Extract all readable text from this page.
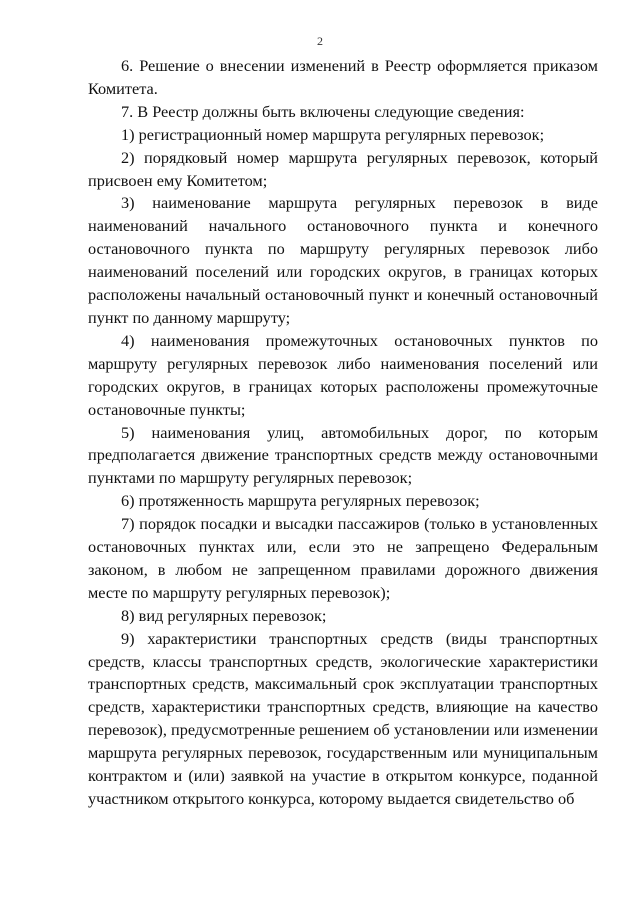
2

6. Решение о внесении изменений в Реестр оформляется приказом Комитета.

7. В Реестр должны быть включены следующие сведения:

1) регистрационный номер маршрута регулярных перевозок;

2) порядковый номер маршрута регулярных перевозок, который присвоен ему Комитетом;

3) наименование маршрута регулярных перевозок в виде наименований начального остановочного пункта и конечного остановочного пункта по маршруту регулярных перевозок либо наименований поселений или городских округов, в границах которых расположены начальный остановочный пункт и конечный остановочный пункт по данному маршруту;

4) наименования промежуточных остановочных пунктов по маршруту регулярных перевозок либо наименования поселений или городских округов, в границах которых расположены промежуточные остановочные пункты;

5) наименования улиц, автомобильных дорог, по которым предполагается движение транспортных средств между остановочными пунктами по маршруту регулярных перевозок;

6) протяженность маршрута регулярных перевозок;

7) порядок посадки и высадки пассажиров (только в установленных остановочных пунктах или, если это не запрещено Федеральным законом, в любом не запрещенном правилами дорожного движения месте по маршруту регулярных перевозок);

8) вид регулярных перевозок;

9) характеристики транспортных средств (виды транспортных средств, классы транспортных средств, экологические характеристики транспортных средств, максимальный срок эксплуатации транспортных средств, характеристики транспортных средств, влияющие на качество перевозок), предусмотренные решением об установлении или изменении маршрута регулярных перевозок, государственным или муниципальным контрактом и (или) заявкой на участие в открытом конкурсе, поданной участником открытого конкурса, которому выдается свидетельство об
